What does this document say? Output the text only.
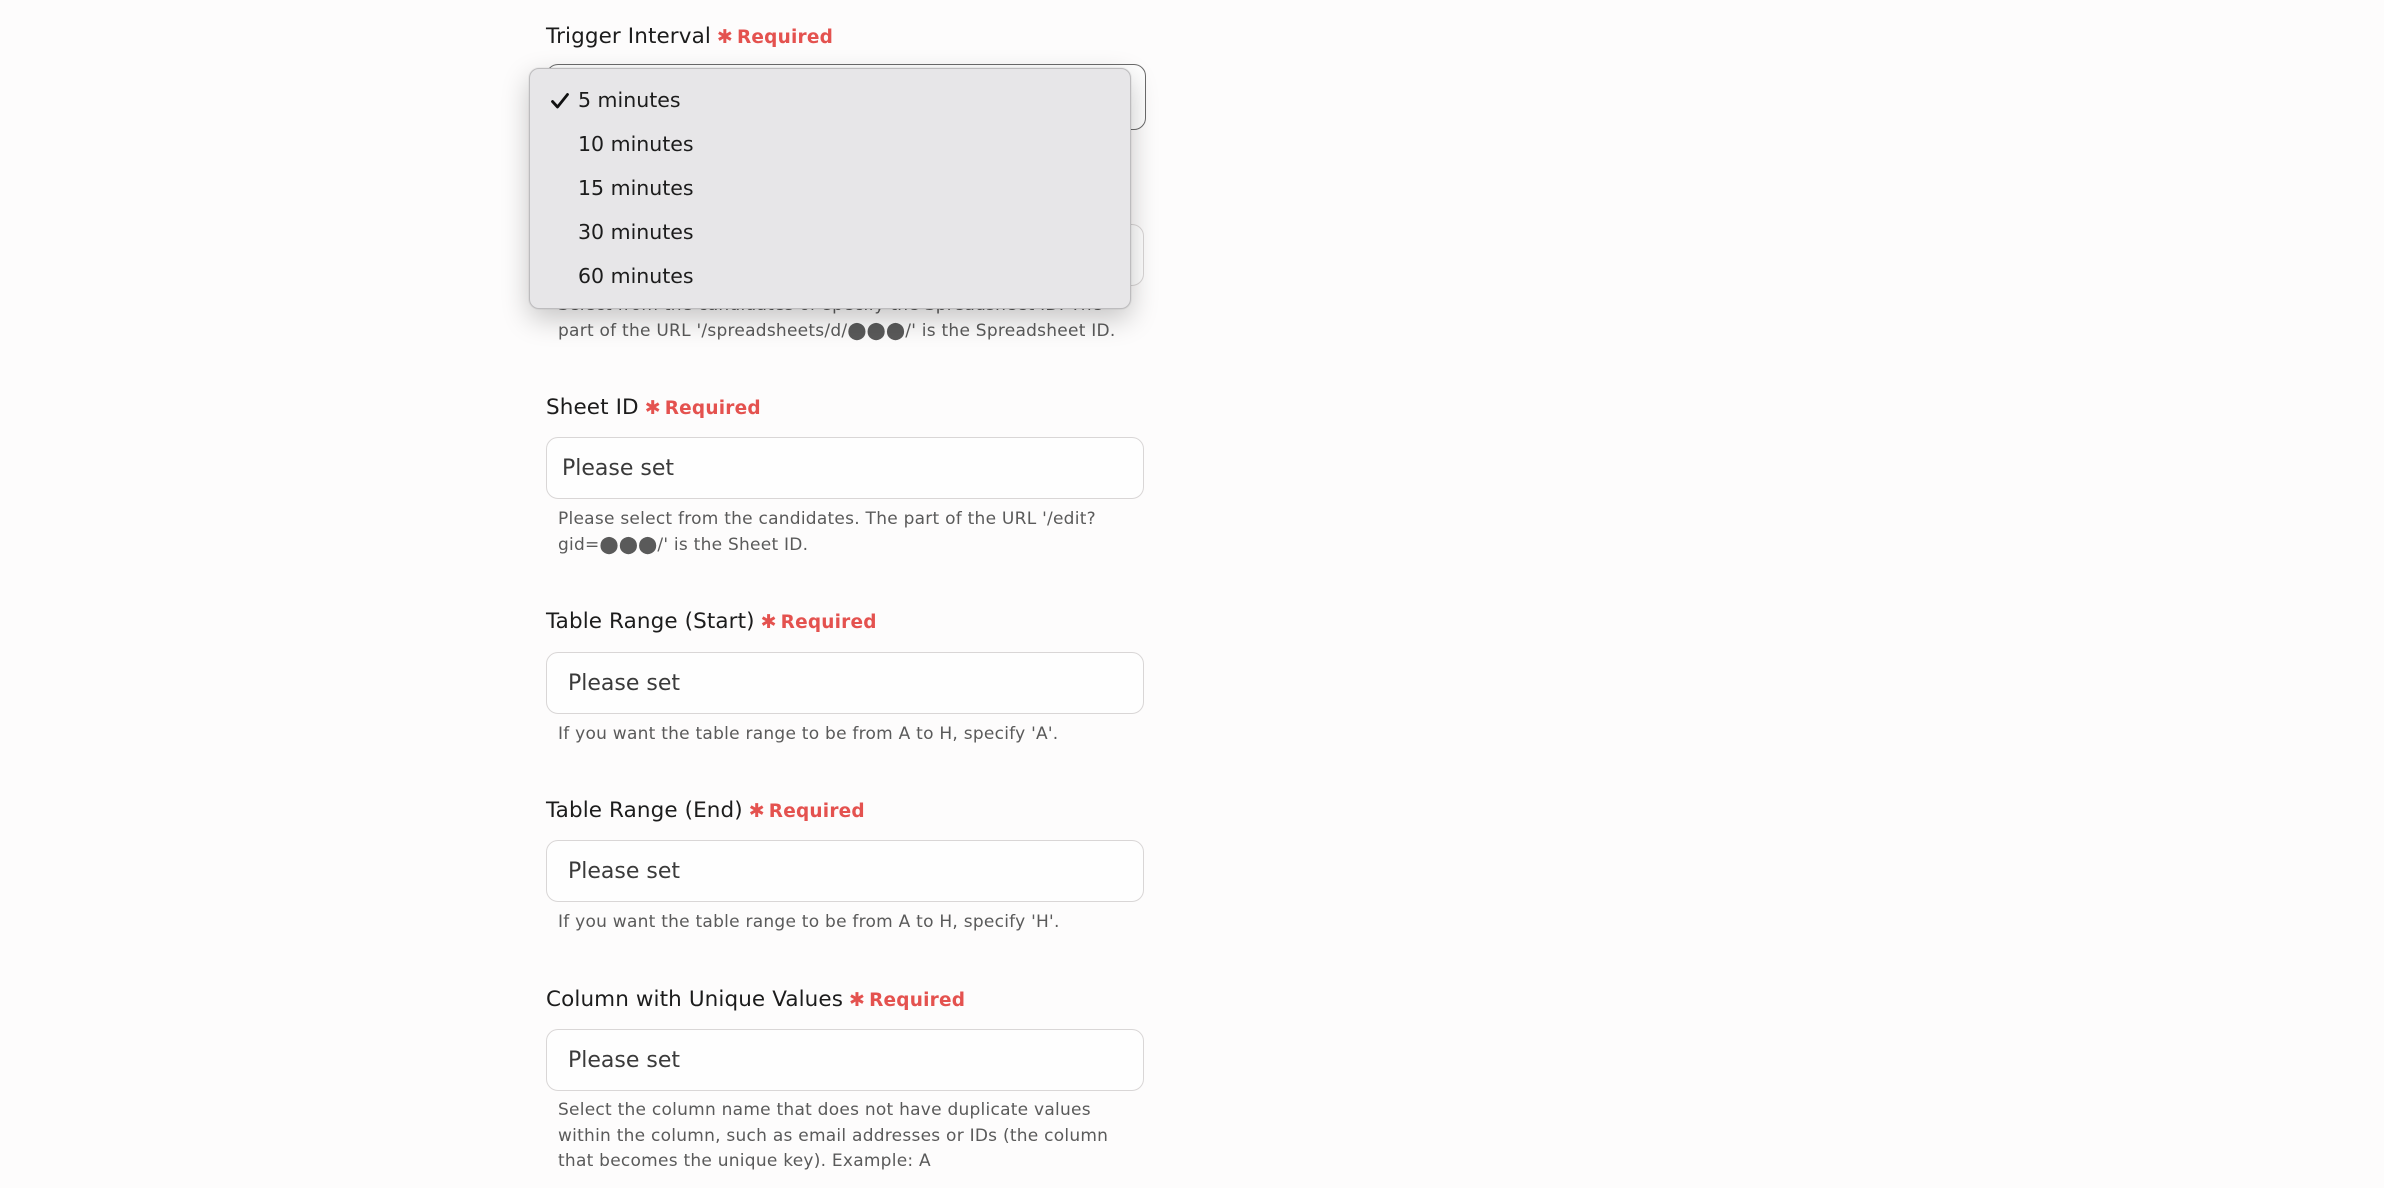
Trigger Interval ✱ Required
part of the URL '/spreadsheets/d/⬤⬤⬤/' is the Spreadsheet ID.
Sheet ID ✱ Required
Please set
Please select from the candidates. The part of the URL '/edit?gid=⬤⬤⬤/' is the Sheet ID.
Table Range (Start) ✱ Required
Please set
If you want the table range to be from A to H, specify 'A'.
Table Range (End) ✱ Required
Please set
If you want the table range to be from A to H, specify 'H'.
Column with Unique Values ✱ Required
Please set
Select the column name that does not have duplicate values within the column, such as email addresses or IDs (the column that becomes the unique key). Example: A
5 minutes
10 minutes
15 minutes
30 minutes
60 minutes
